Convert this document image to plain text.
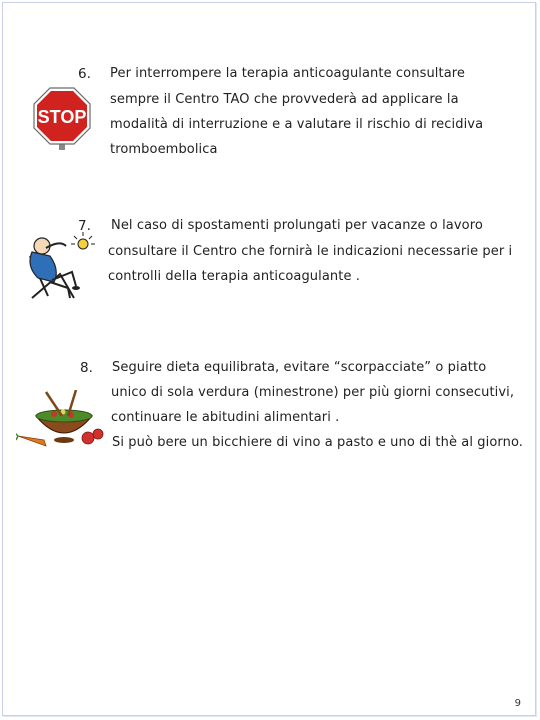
6.
STOP
Per interrompere la terapia anticoagulante consultare
sempre il Centro TAO che provvederà ad applicare la
modalità di interruzione e a valutare il rischio di recidiva
tromboembolica
7. Nel caso di spostamenti prolungati per vacanze o lavoro
consultare il Centro che fornirà le indicazioni necessarie per i
controlli della terapia anticoagulante .
8. Seguire dieta equilibrata, evitare “scorpacciate” o piatto
unico di sola verdura (minestrone) per più giorni consecutivi,
continuare le abitudini alimentari .
Si può bere un bicchiere di vino a pasto e uno di thè al giorno.
9
